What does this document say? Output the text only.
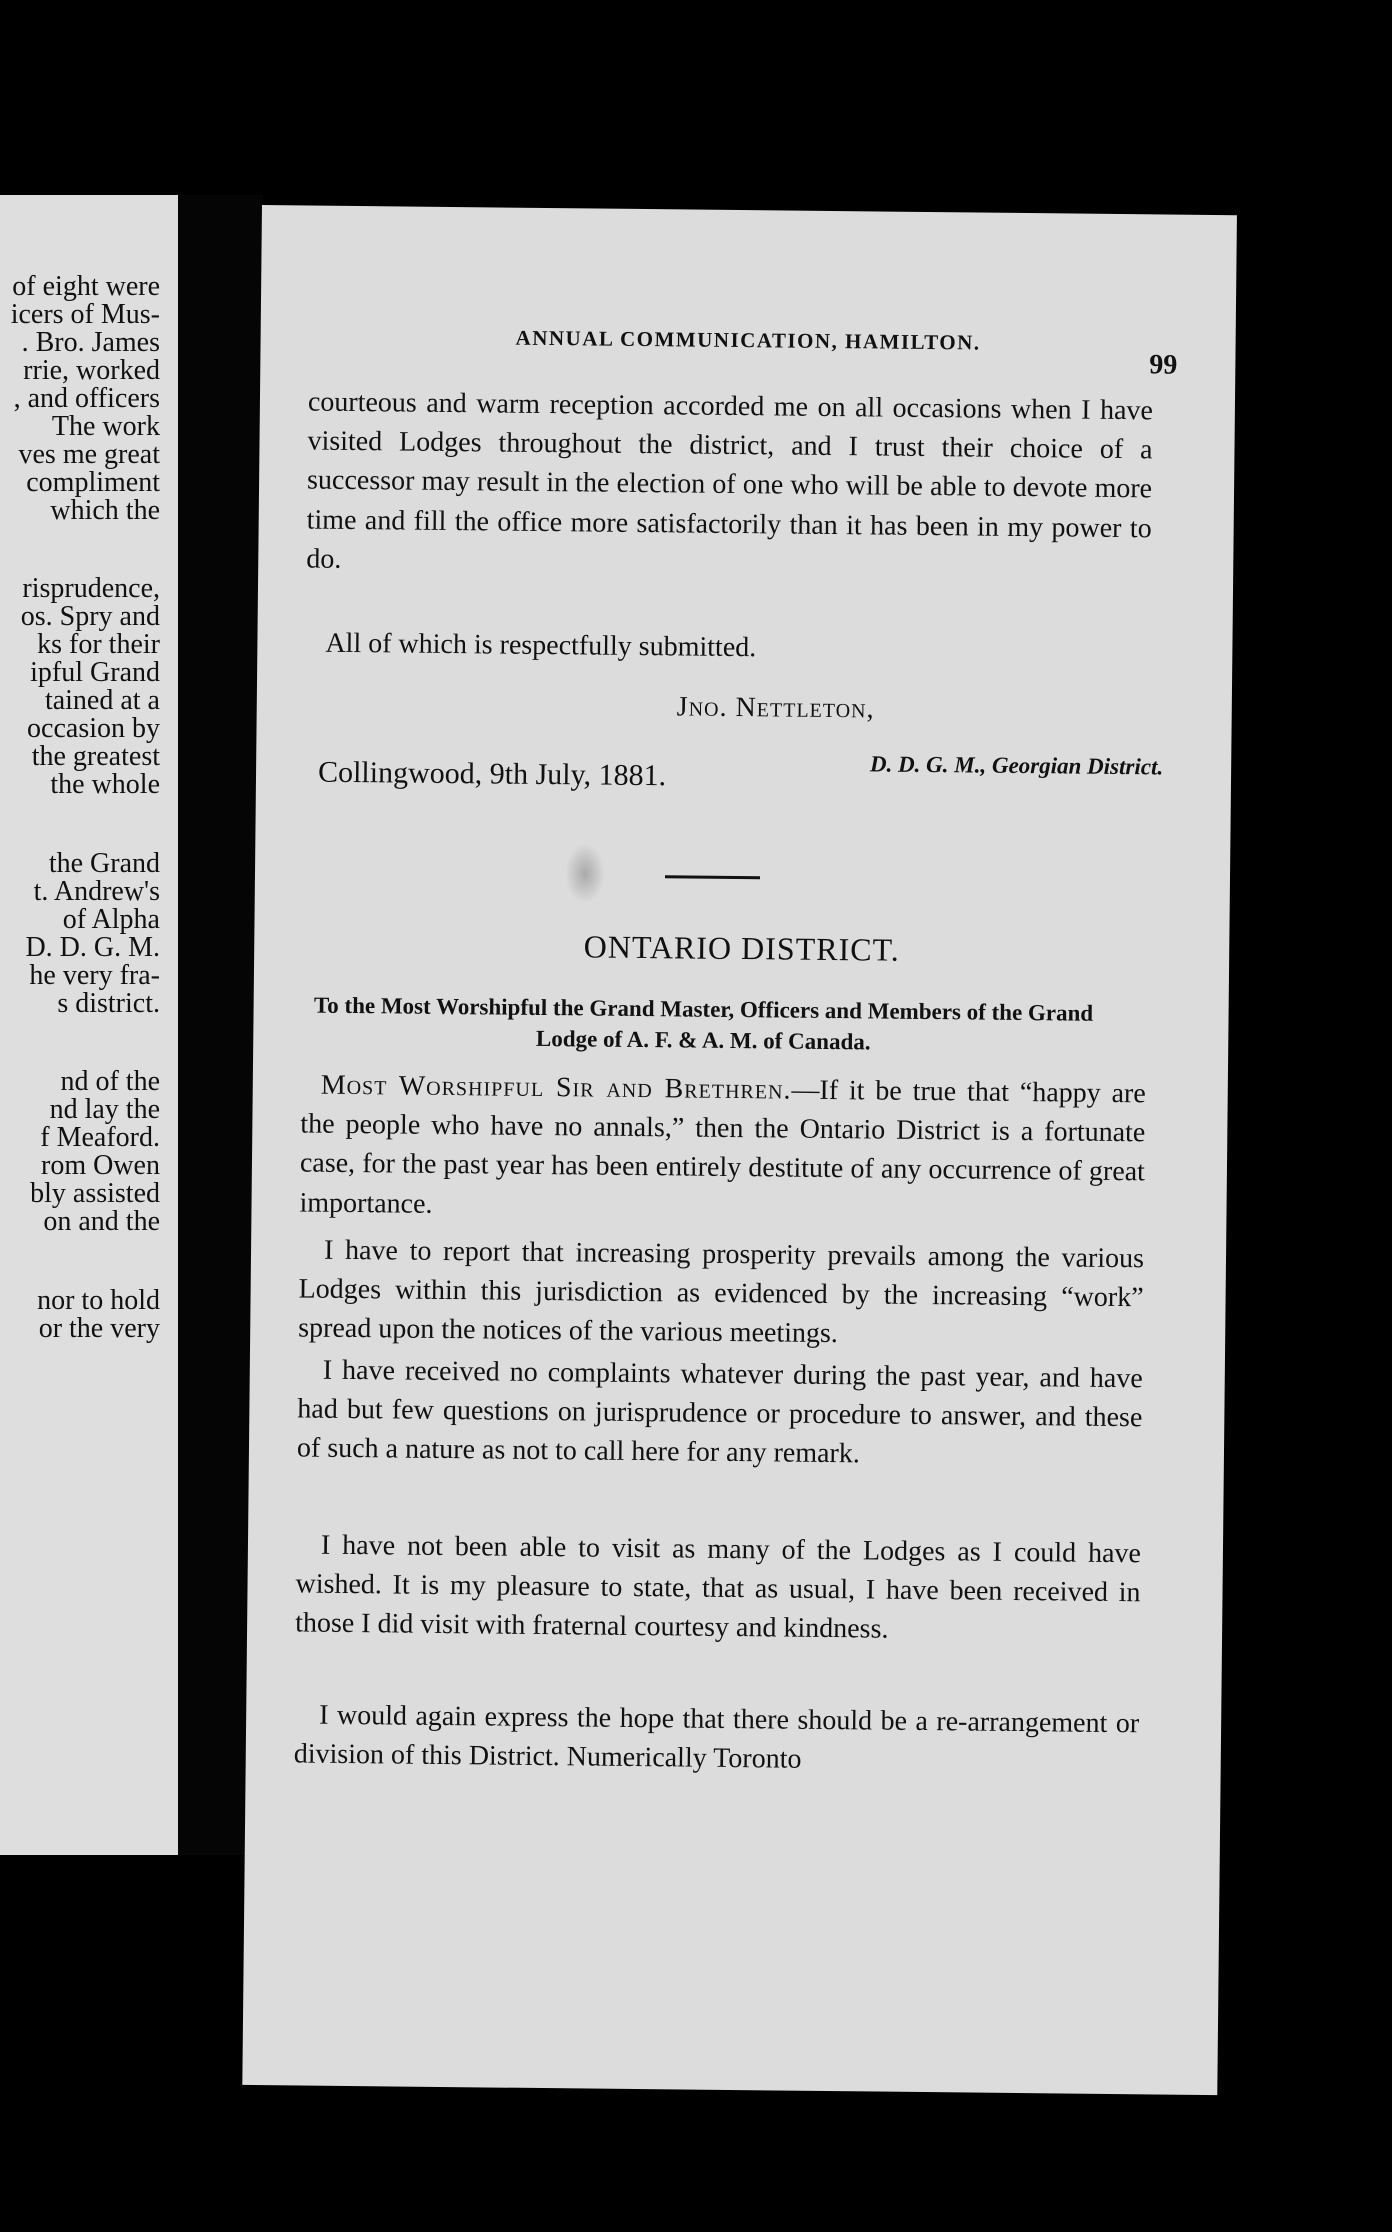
of eight were
icers of Mus-
. Bro. James
rrie, worked
, and officers
The work
ves me great
compliment
which the
risprudence,
os. Spry and
ks for their
ipful Grand
tained at a
occasion by
the greatest
the whole
the Grand
t. Andrew's
of Alpha
D. D. G. M.
he very fra-
s district.
nd of the
nd lay the
f Meaford.
rom Owen
bly assisted
on and the
nor to hold
or the very
ANNUAL COMMUNICATION, HAMILTON.
99

courteous and warm reception accorded me on all occasions when I have visited Lodges throughout the district, and I trust their choice of a successor may result in the election of one who will be able to devote more time and fill the office more satisfactorily than it has been in my power to do.

All of which is respectfully submitted.

Jno. Nettleton,
D. D. G. M., Georgian District.
Collingwood, 9th July, 1881.
ONTARIO DISTRICT.
To the Most Worshipful the Grand Master, Officers and Members of the Grand Lodge of A. F. & A. M. of Canada.

Most Worshipful Sir and Brethren.—If it be true that “happy are the people who have no annals,” then the Ontario District is a fortunate case, for the past year has been entirely destitute of any occurrence of great importance.

I have to report that increasing prosperity prevails among the various Lodges within this jurisdiction as evidenced by the increasing “work” spread upon the notices of the various meetings.

I have received no complaints whatever during the past year, and have had but few questions on jurisprudence or procedure to answer, and these of such a nature as not to call here for any remark.

I have not been able to visit as many of the Lodges as I could have wished. It is my pleasure to state, that as usual, I have been received in those I did visit with fraternal courtesy and kindness.

I would again express the hope that there should be a re-arrangement or division of this District. Numerically Toronto
